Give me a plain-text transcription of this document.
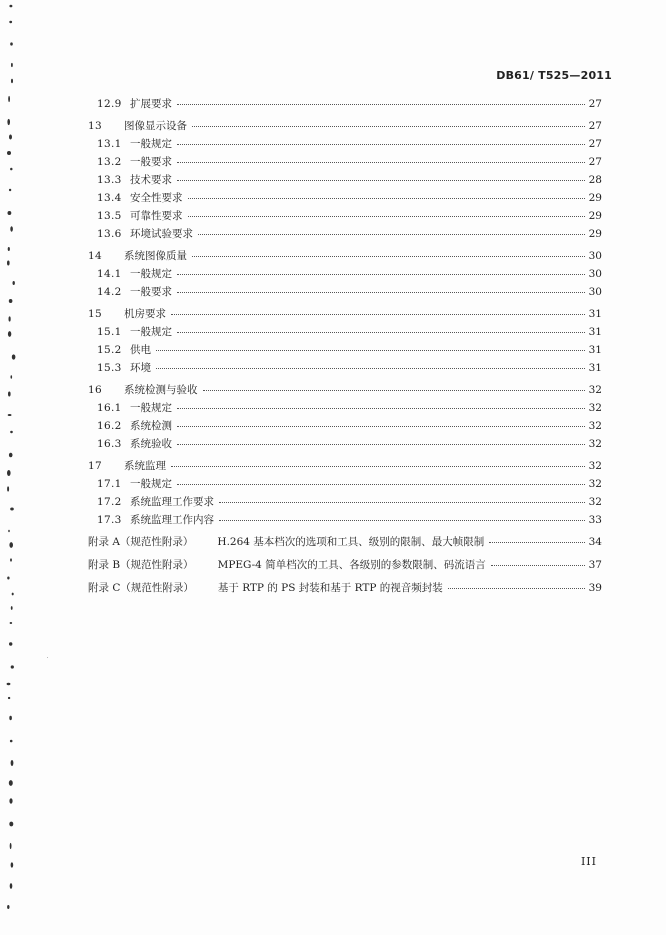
DB61/ T525—2011
12.9 扩展要求	27
13	图像显示设备	27
13.1 一般规定	27
13.2 一般要求	27
13.3 技术要求	28
13.4 安全性要求	29
13.5 可靠性要求	29
13.6 环境试验要求	29
14	系统图像质量	30
14.1 一般规定	30
14.2 一般要求	30
15	机房要求	31
15.1 一般规定	31
15.2 供电	31
15.3 环境	31
16	系统检测与验收	32
16.1 一般规定	32
16.2 系统检测	32
16.3 系统验收	32
17	系统监理	32
17.1 一般规定	32
17.2 系统监理工作要求	32
17.3 系统监理工作内容	33
附录 A（规范性附录）	H.264 基本档次的选项和工具、级别的限制、最大帧限制	34
附录 B（规范性附录）	MPEG-4 简单档次的工具、各级别的参数限制、码流语言	37
附录 C（规范性附录）	基于 RTP 的 PS 封装和基于 RTP 的视音频封装	39
III
